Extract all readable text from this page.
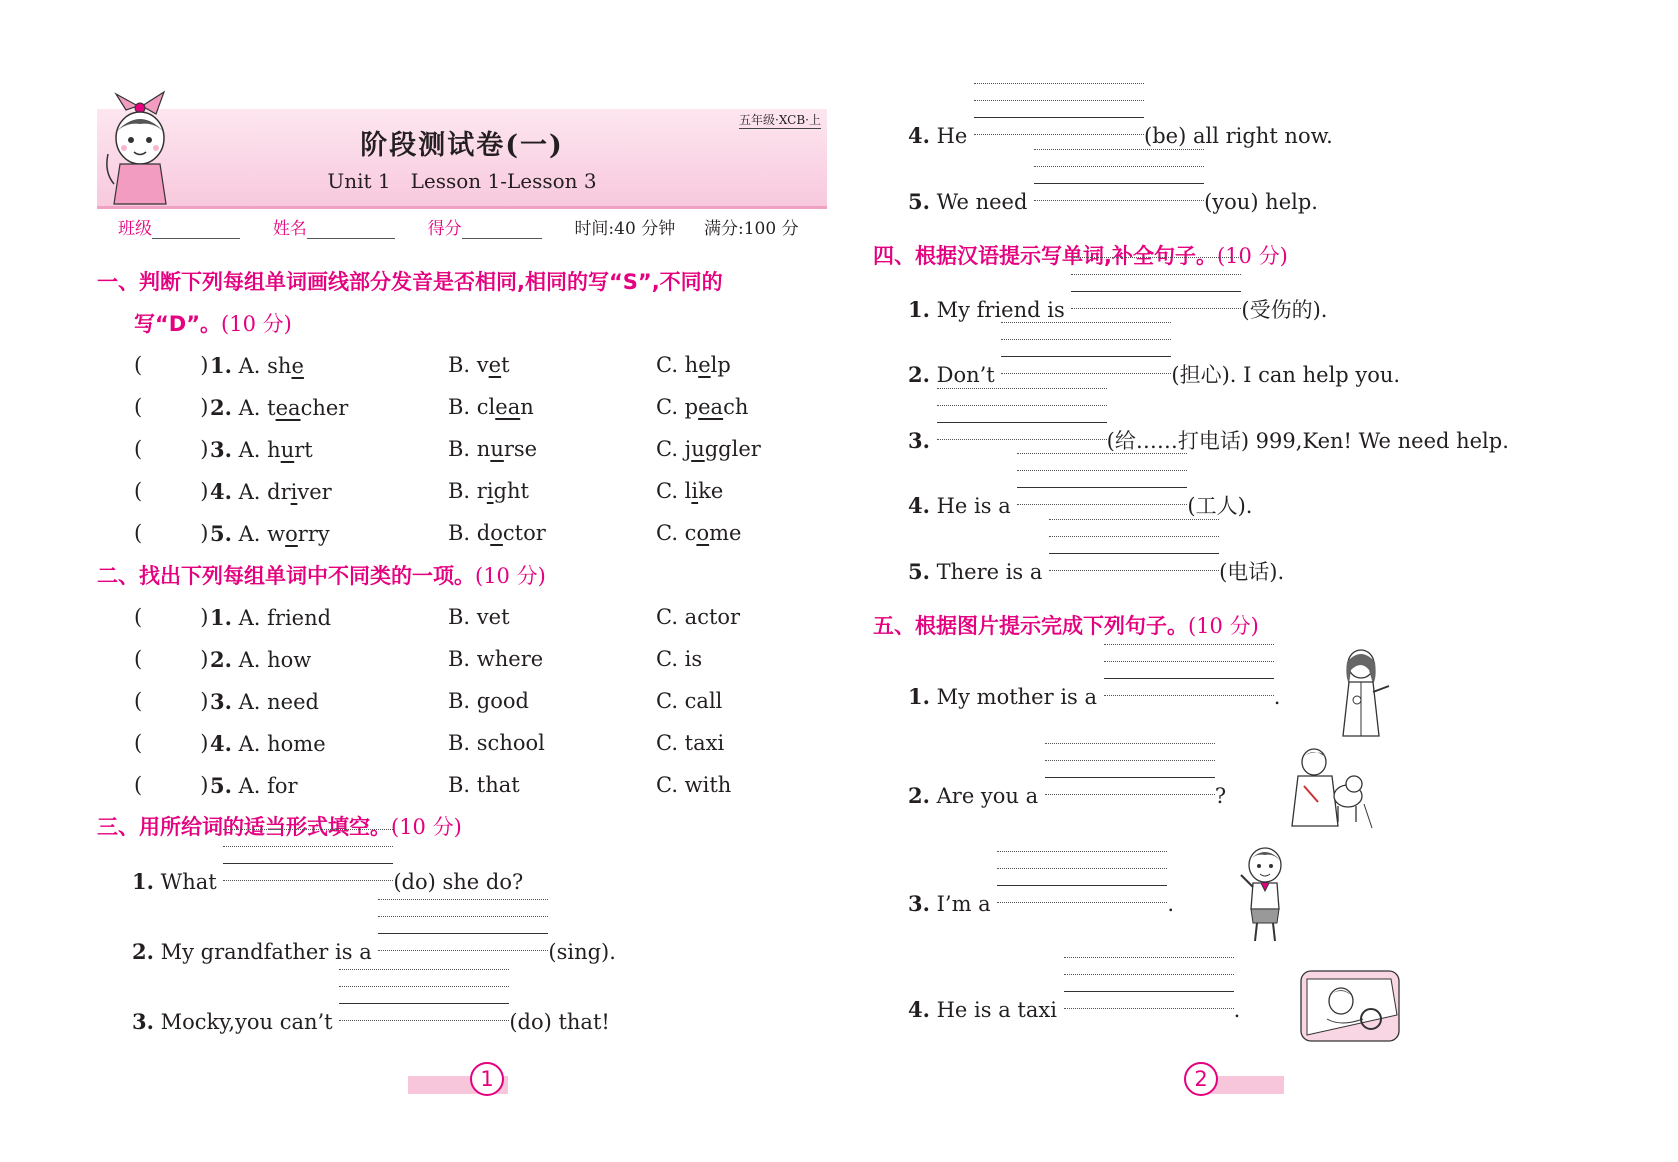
阶段测试卷(一)
Unit 1　Lesson 1-Lesson 3
五年级·XCB·上
班级	姓名	得分	时间:40 分钟 满分:100 分
一、判断下列每组单词画线部分发音是否相同,相同的写“S”,不同的
写“D”。(10 分)
(	) 1. A. she	B. vet	C. help
(	) 2. A. teacher	B. clean	C. peach
(	) 3. A. hurt	B. nurse	C. juggler
(	) 4. A. driver	B. right	C. like
(	) 5. A. worry	B. doctor	C. come
二、找出下列每组单词中不同类的一项。(10 分)
(	) 1. A. friend	B. vet	C. actor
(	) 2. A. how	B. where	C. is
(	) 3. A. need	B. good	C. call
(	) 4. A. home	B. school	C. taxi
(	) 5. A. for	B. that	C. with
三、用所给词的适当形式填空。(10 分)
1. What	(do) she do?
2. My grandfather is a	(sing).
3. Mocky,you can’t	(do) that!
1
4. He	(be) all right now.
5. We need	(you) help.
四、根据汉语提示写单词,补全句子。(10 分)
1. My friend is	(受伤的).
2. Don’t	(担心). I can help you.
3.	(给……打电话) 999,Ken! We need help.
4. He is a	(工人).
5. There is a	(电话).
五、根据图片提示完成下列句子。(10 分)
1. My mother is a	.
2. Are you a	?
3. I’m a	.
4. He is a taxi	.
2
